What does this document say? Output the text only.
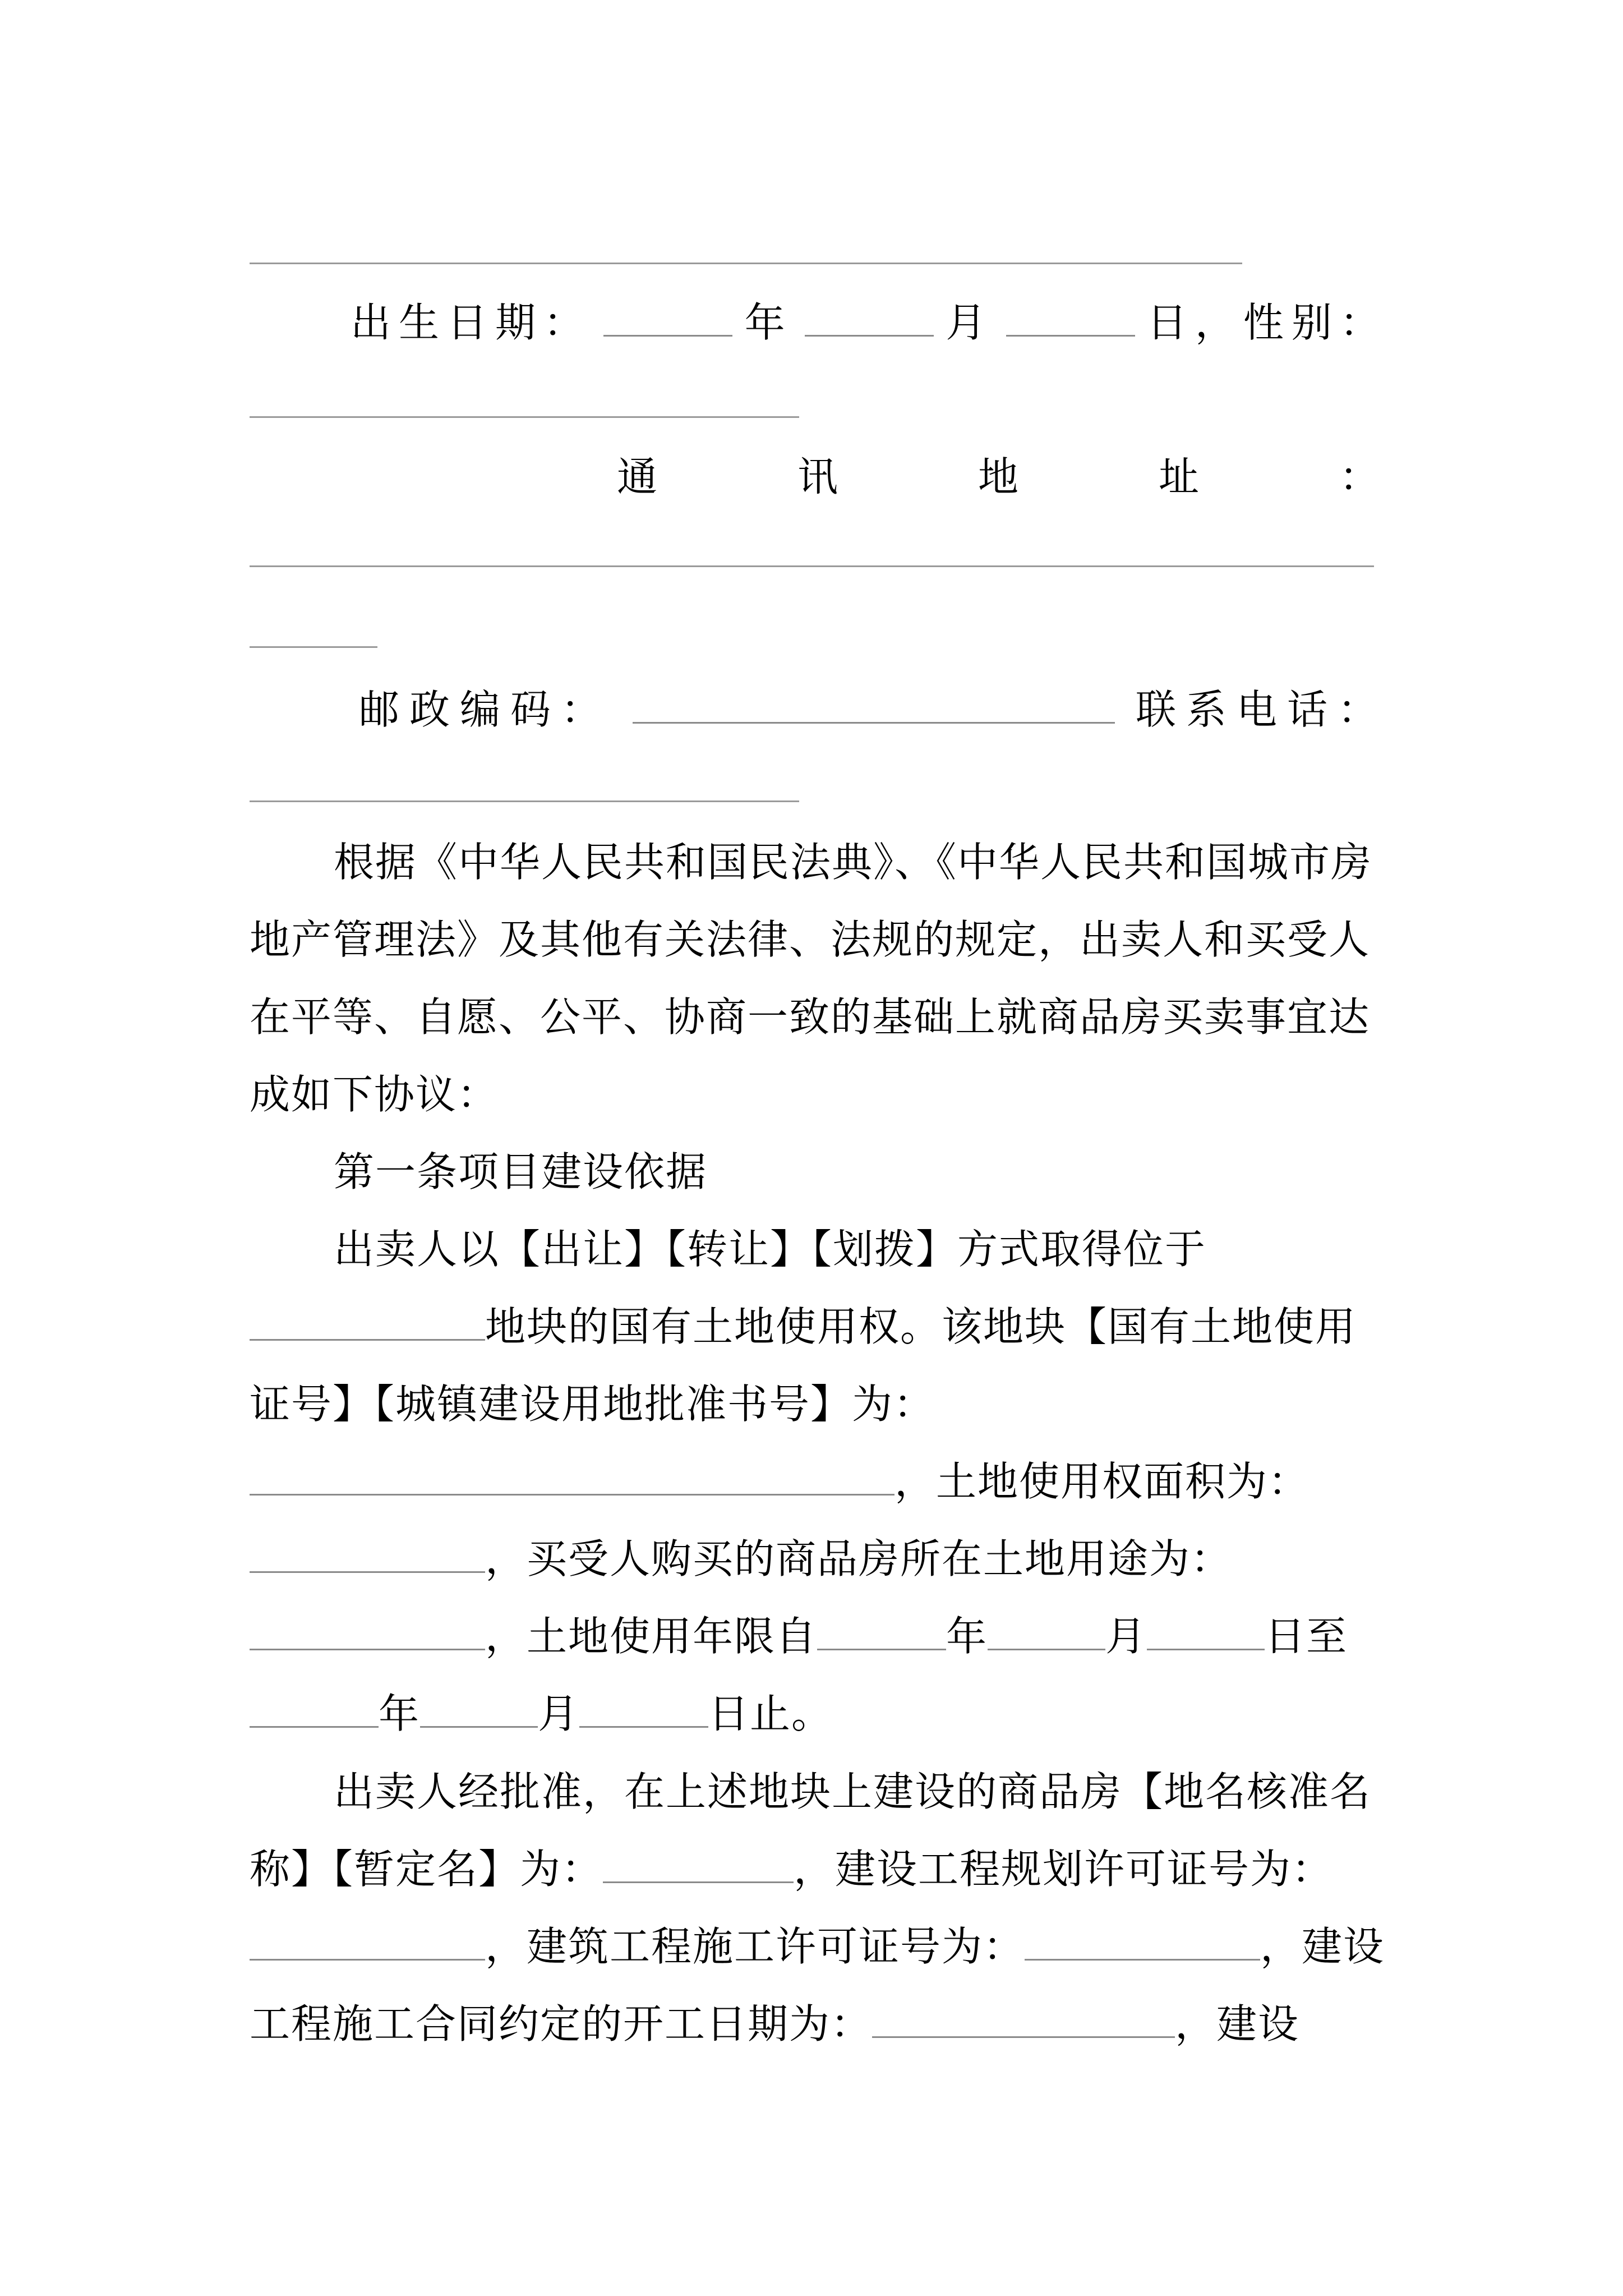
出生日期：	年	月	日，性别：
通讯地址：
邮政编码：	联系电话：
根据《中华人民共和国民法典》、《中华人民共和国城市房地产管理法》及其他有关法律、法规的规定，出卖人和买受人在平等、自愿、公平、协商一致的基础上就商品房买卖事宜达成如下协议：
第一条项目建设依据
出卖人以【出让】【转让】【划拨】方式取得位于地块的国有土地使用权。该地块【国有土地使用证号】【城镇建设用地批准书号】为：，土地使用权面积为：，买受人购买的商品房所在土地用途为：，土地使用年限自	年	月	日至年	月	日止。
出卖人经批准，在上述地块上建设的商品房【地名核准名称】【暂定名】为：	，建设工程规划许可证号为：，建筑工程施工许可证号为：	，建设工程施工合同约定的开工日期为：	，建设
